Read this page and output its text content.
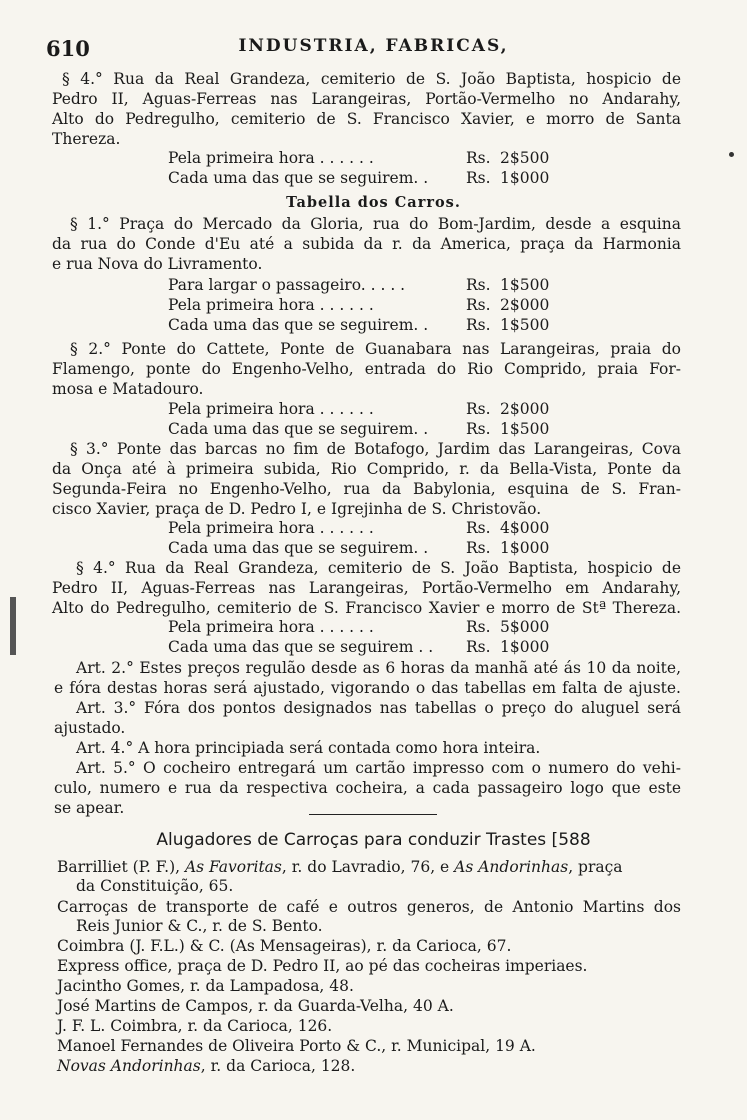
610	INDUSTRIA, FABRICAS,
§ 4.° Rua da Real Grandeza, cemiterio de S. João Baptista, hospicio de
Pedro II, Aguas-Ferreas nas Larangeiras, Portão-Vermelho no Andarahy,
Alto do Pedregulho, cemiterio de S. Francisco Xavier, e morro de Santa
Thereza.
Pela primeira hora . . . . . .	Rs. 2$500
Cada uma das que se seguirem. . Rs. 1$000
Tabella dos Carros.
§ 1.° Praça do Mercado da Gloria, rua do Bom-Jardim, desde a esquina
da rua do Conde d'Eu até a subida da r. da America, praça da Harmonia
e rua Nova do Livramento.
Para largar o passageiro. . . . .	Rs. 1$500
Pela primeira hora . . . . . .	Rs. 2$000
Cada uma das que se seguirem. . Rs. 1$500
§ 2.° Ponte do Cattete, Ponte de Guanabara nas Larangeiras, praia do
Flamengo, ponte do Engenho-Velho, entrada do Rio Comprido, praia For-
mosa e Matadouro.
Pela primeira hora . . . . . .	Rs. 2$000
Cada uma das que se seguirem. . Rs. 1$500
§ 3.° Ponte das barcas no fim de Botafogo, Jardim das Larangeiras, Cova
da Onça até à primeira subida, Rio Comprido, r. da Bella-Vista, Ponte da
Segunda-Feira no Engenho-Velho, rua da Babylonia, esquina de S. Fran-
cisco Xavier, praça de D. Pedro I, e Igrejinha de S. Christovão.
Pela primeira hora . . . . . .	Rs. 4$000
Cada uma das que se seguirem. . Rs. 1$000
§ 4.° Rua da Real Grandeza, cemiterio de S. João Baptista, hospicio de
Pedro II, Aguas-Ferreas nas Larangeiras, Portão-Vermelho em Andarahy,
Alto do Pedregulho, cemiterio de S. Francisco Xavier e morro de Stª Thereza.
Pela primeira hora . . . . . .	Rs. 5$000
Cada uma das que se seguirem . . Rs. 1$000
Art. 2.° Estes preços regulão desde as 6 horas da manhã até ás 10 da noite,
e fóra destas horas será ajustado, vigorando o das tabellas em falta de ajuste.
Art. 3.° Fóra dos pontos designados nas tabellas o preço do aluguel será
ajustado.
Art. 4.° A hora principiada será contada como hora inteira.
Art. 5.° O cocheiro entregará um cartão impresso com o numero do vehi-
culo, numero e rua da respectiva cocheira, a cada passageiro logo que este
se apear.
Alugadores de Carroças para conduzir Trastes [588
Barrilliet (P. F.), As Favoritas, r. do Lavradio, 76, e As Andorinhas, praça
da Constituição, 65.
Carroças de transporte de café e outros generos, de Antonio Martins dos
Reis Junior & C., r. de S. Bento.
Coimbra (J. F.L.) & C. (As Mensageiras), r. da Carioca, 67.
Express office, praça de D. Pedro II, ao pé das cocheiras imperiaes.
Jacintho Gomes, r. da Lampadosa, 48.
José Martins de Campos, r. da Guarda-Velha, 40 A.
J. F. L. Coimbra, r. da Carioca, 126.
Manoel Fernandes de Oliveira Porto & C., r. Municipal, 19 A.
Novas Andorinhas, r. da Carioca, 128.
